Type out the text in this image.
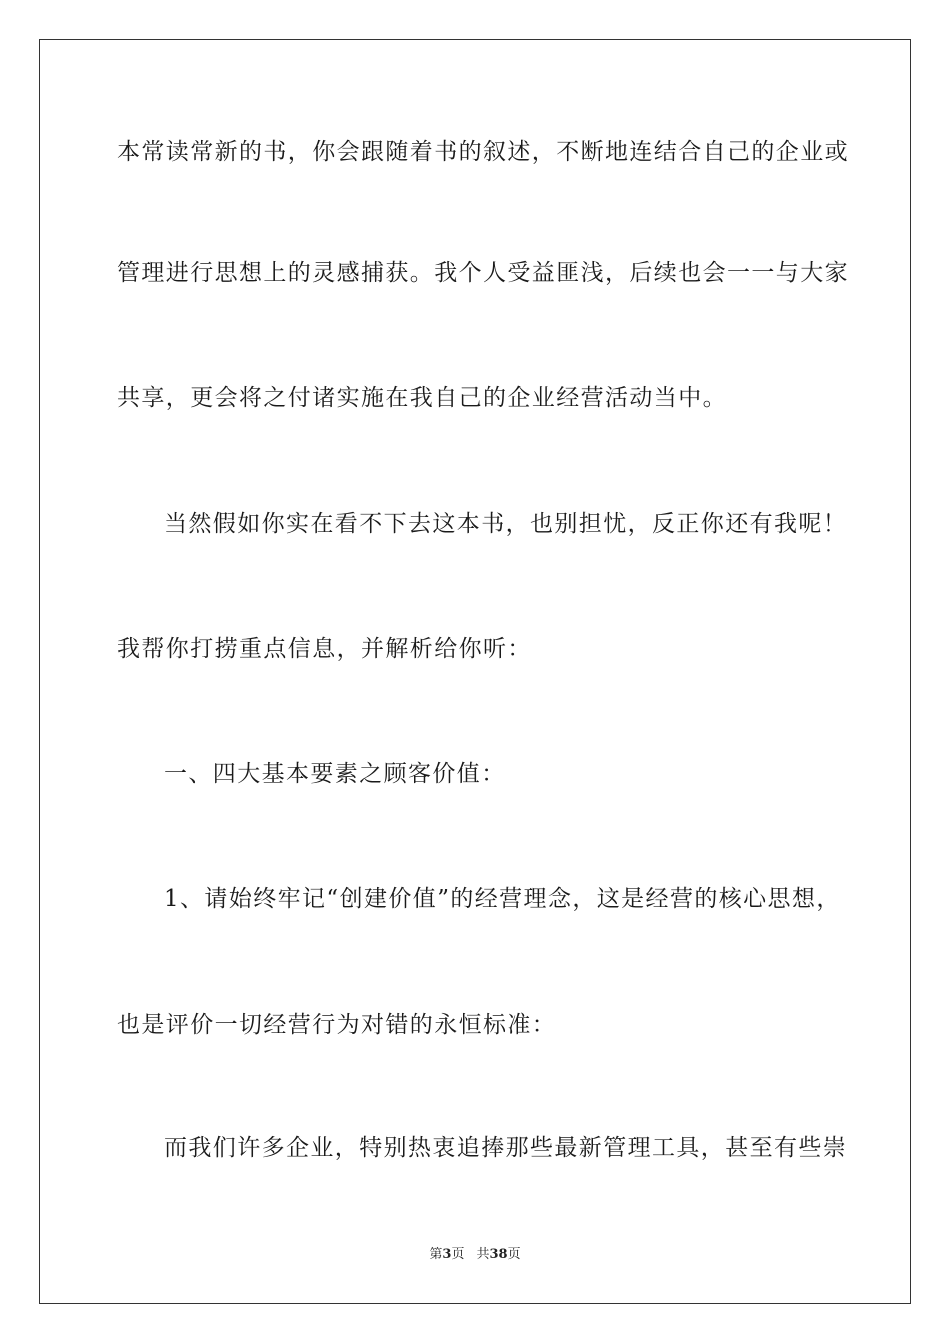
本常读常新的书，你会跟随着书的叙述，不断地连结合自己的企业或
管理进行思想上的灵感捕获。我个人受益匪浅，后续也会一一与大家
共享，更会将之付诸实施在我自己的企业经营活动当中。
当然假如你实在看不下去这本书，也别担忧，反正你还有我呢！
我帮你打捞重点信息，并解析给你听：
一、四大基本要素之顾客价值：
1、请始终牢记“创建价值”的经营理念，这是经营的核心思想，
也是评价一切经营行为对错的永恒标准：
而我们许多企业，特别热衷追捧那些最新管理工具，甚至有些崇
第3页 共38页
